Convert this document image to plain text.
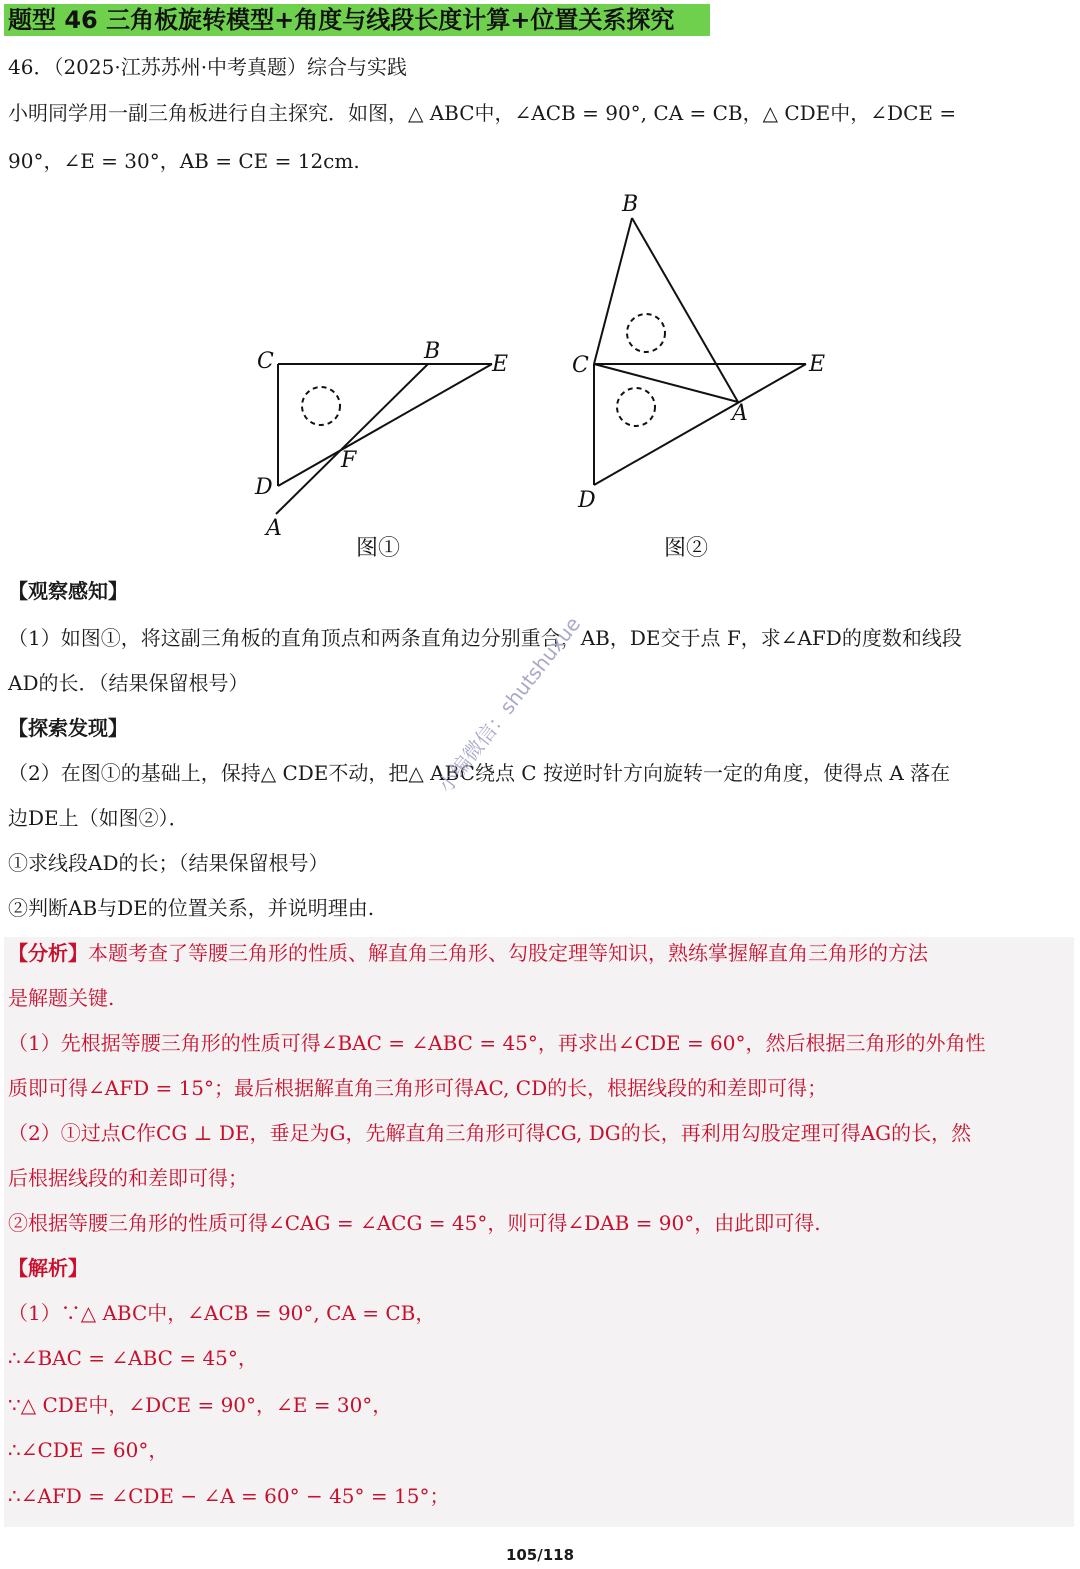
题型 46 三角板旋转模型+角度与线段长度计算+位置关系探究
46．（2025·江苏苏州·中考真题）综合与实践
小明同学用一副三角板进行自主探究．如图，△ ABC中，∠ACB = 90°, CA = CB，△ CDE中，∠DCE =
90°，∠E = 30°，AB = CE = 12cm.
C	B
E
F
D
A
B
C	E
A
D
图①	图②
【观察感知】
（1）如图①，将这副三角板的直角顶点和两条直角边分别重合，AB，DE交于点 F，求∠AFD的度数和线段
AD的长．（结果保留根号）
【探索发现】
（2）在图①的基础上，保持△ CDE不动，把△ ABC绕点 C 按逆时针方向旋转一定的角度，使得点 A 落在
边DE上（如图②）．
①求线段AD的长；（结果保留根号）
②判断AB与DE的位置关系，并说明理由.
【分析】本题考查了等腰三角形的性质、解直角三角形、勾股定理等知识，熟练掌握解直角三角形的方法
是解题关键.
（1）先根据等腰三角形的性质可得∠BAC = ∠ABC = 45°，再求出∠CDE = 60°，然后根据三角形的外角性
质即可得∠AFD = 15°；最后根据解直角三角形可得AC, CD的长，根据线段的和差即可得；
（2）①过点C作CG ⊥ DE，垂足为G，先解直角三角形可得CG, DG的长，再利用勾股定理可得AG的长，然
后根据线段的和差即可得；
②根据等腰三角形的性质可得∠CAG = ∠ACG = 45°，则可得∠DAB = 90°，由此即可得.
【解析】
（1）∵△ ABC中，∠ACB = 90°, CA = CB，
∴∠BAC = ∠ABC = 45°，
∵△ CDE中，∠DCE = 90°，∠E = 30°，
∴∠CDE = 60°，
∴∠AFD = ∠CDE − ∠A = 60° − 45° = 15°；
小编微信：shutshuxue
105/118
